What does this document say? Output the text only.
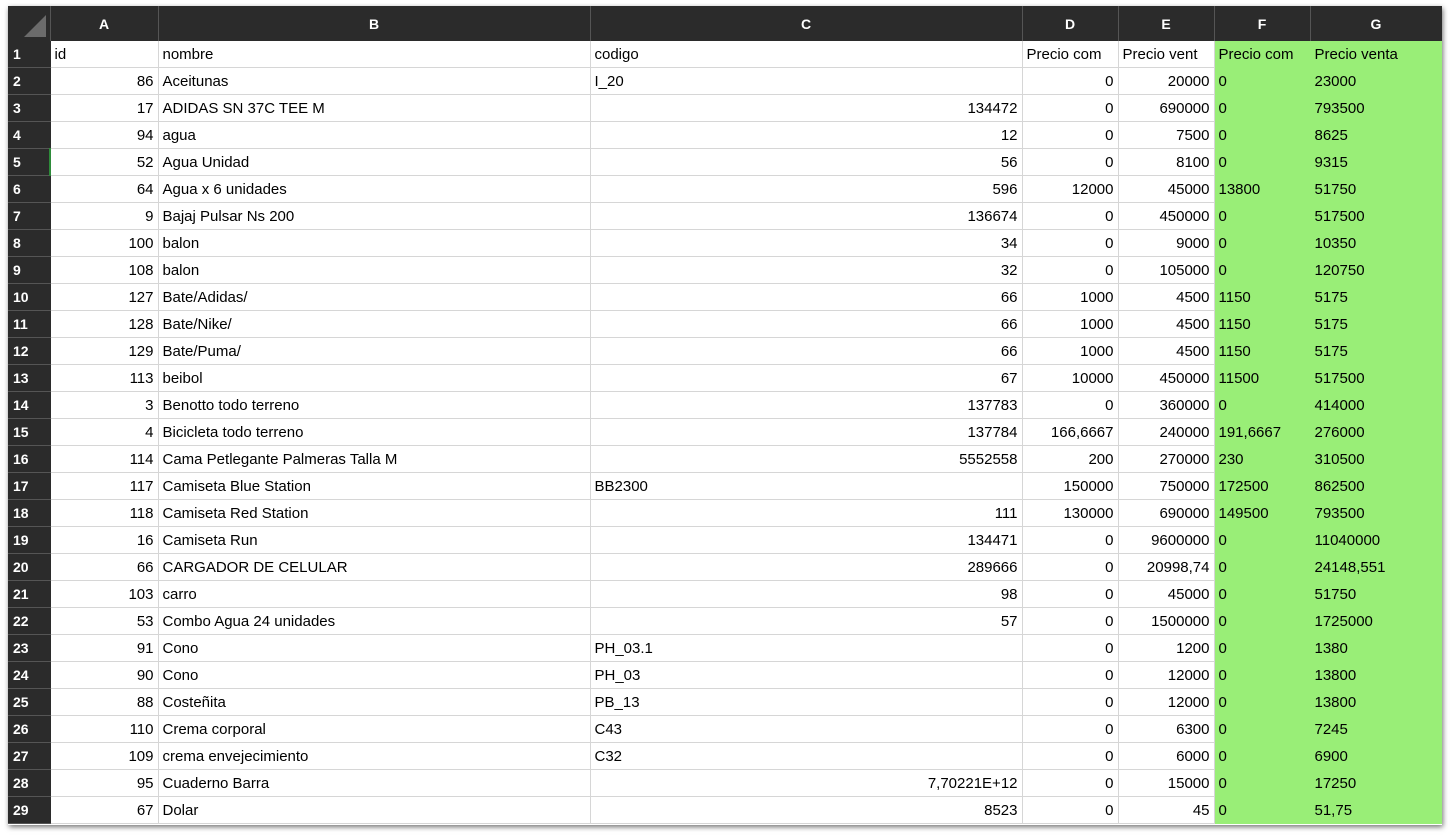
	A	B	C	D	E	F	G
1	id	nombre	codigo	Precio com	Precio vent	Precio com	Precio venta
2	86	Aceitunas	I_20	0	20000	0	23000
3	17	ADIDAS SN 37C TEE M	134472	0	690000	0	793500
4	94	agua	12	0	7500	0	8625
5	52	Agua Unidad	56	0	8100	0	9315
6	64	Agua x 6 unidades	596	12000	45000	13800	51750
7	9	Bajaj Pulsar Ns 200	136674	0	450000	0	517500
8	100	balon	34	0	9000	0	10350
9	108	balon	32	0	105000	0	120750
10	127	Bate/Adidas/	66	1000	4500	1150	5175
11	128	Bate/Nike/	66	1000	4500	1150	5175
12	129	Bate/Puma/	66	1000	4500	1150	5175
13	113	beibol	67	10000	450000	11500	517500
14	3	Benotto todo terreno	137783	0	360000	0	414000
15	4	Bicicleta todo terreno	137784	166,6667	240000	191,6667	276000
16	114	Cama Petlegante Palmeras Talla M	5552558	200	270000	230	310500
17	117	Camiseta Blue Station	BB2300	150000	750000	172500	862500
18	118	Camiseta Red Station	111	130000	690000	149500	793500
19	16	Camiseta Run	134471	0	9600000	0	11040000
20	66	CARGADOR DE CELULAR	289666	0	20998,74	0	24148,551
21	103	carro	98	0	45000	0	51750
22	53	Combo Agua 24 unidades	57	0	1500000	0	1725000
23	91	Cono	PH_03.1	0	1200	0	1380
24	90	Cono	PH_03	0	12000	0	13800
25	88	Costeñita	PB_13	0	12000	0	13800
26	110	Crema corporal	C43	0	6300	0	7245
27	109	crema envejecimiento	C32	0	6000	0	6900
28	95	Cuaderno Barra	7,70221E+12	0	15000	0	17250
29	67	Dolar	8523	0	45	0	51,75
